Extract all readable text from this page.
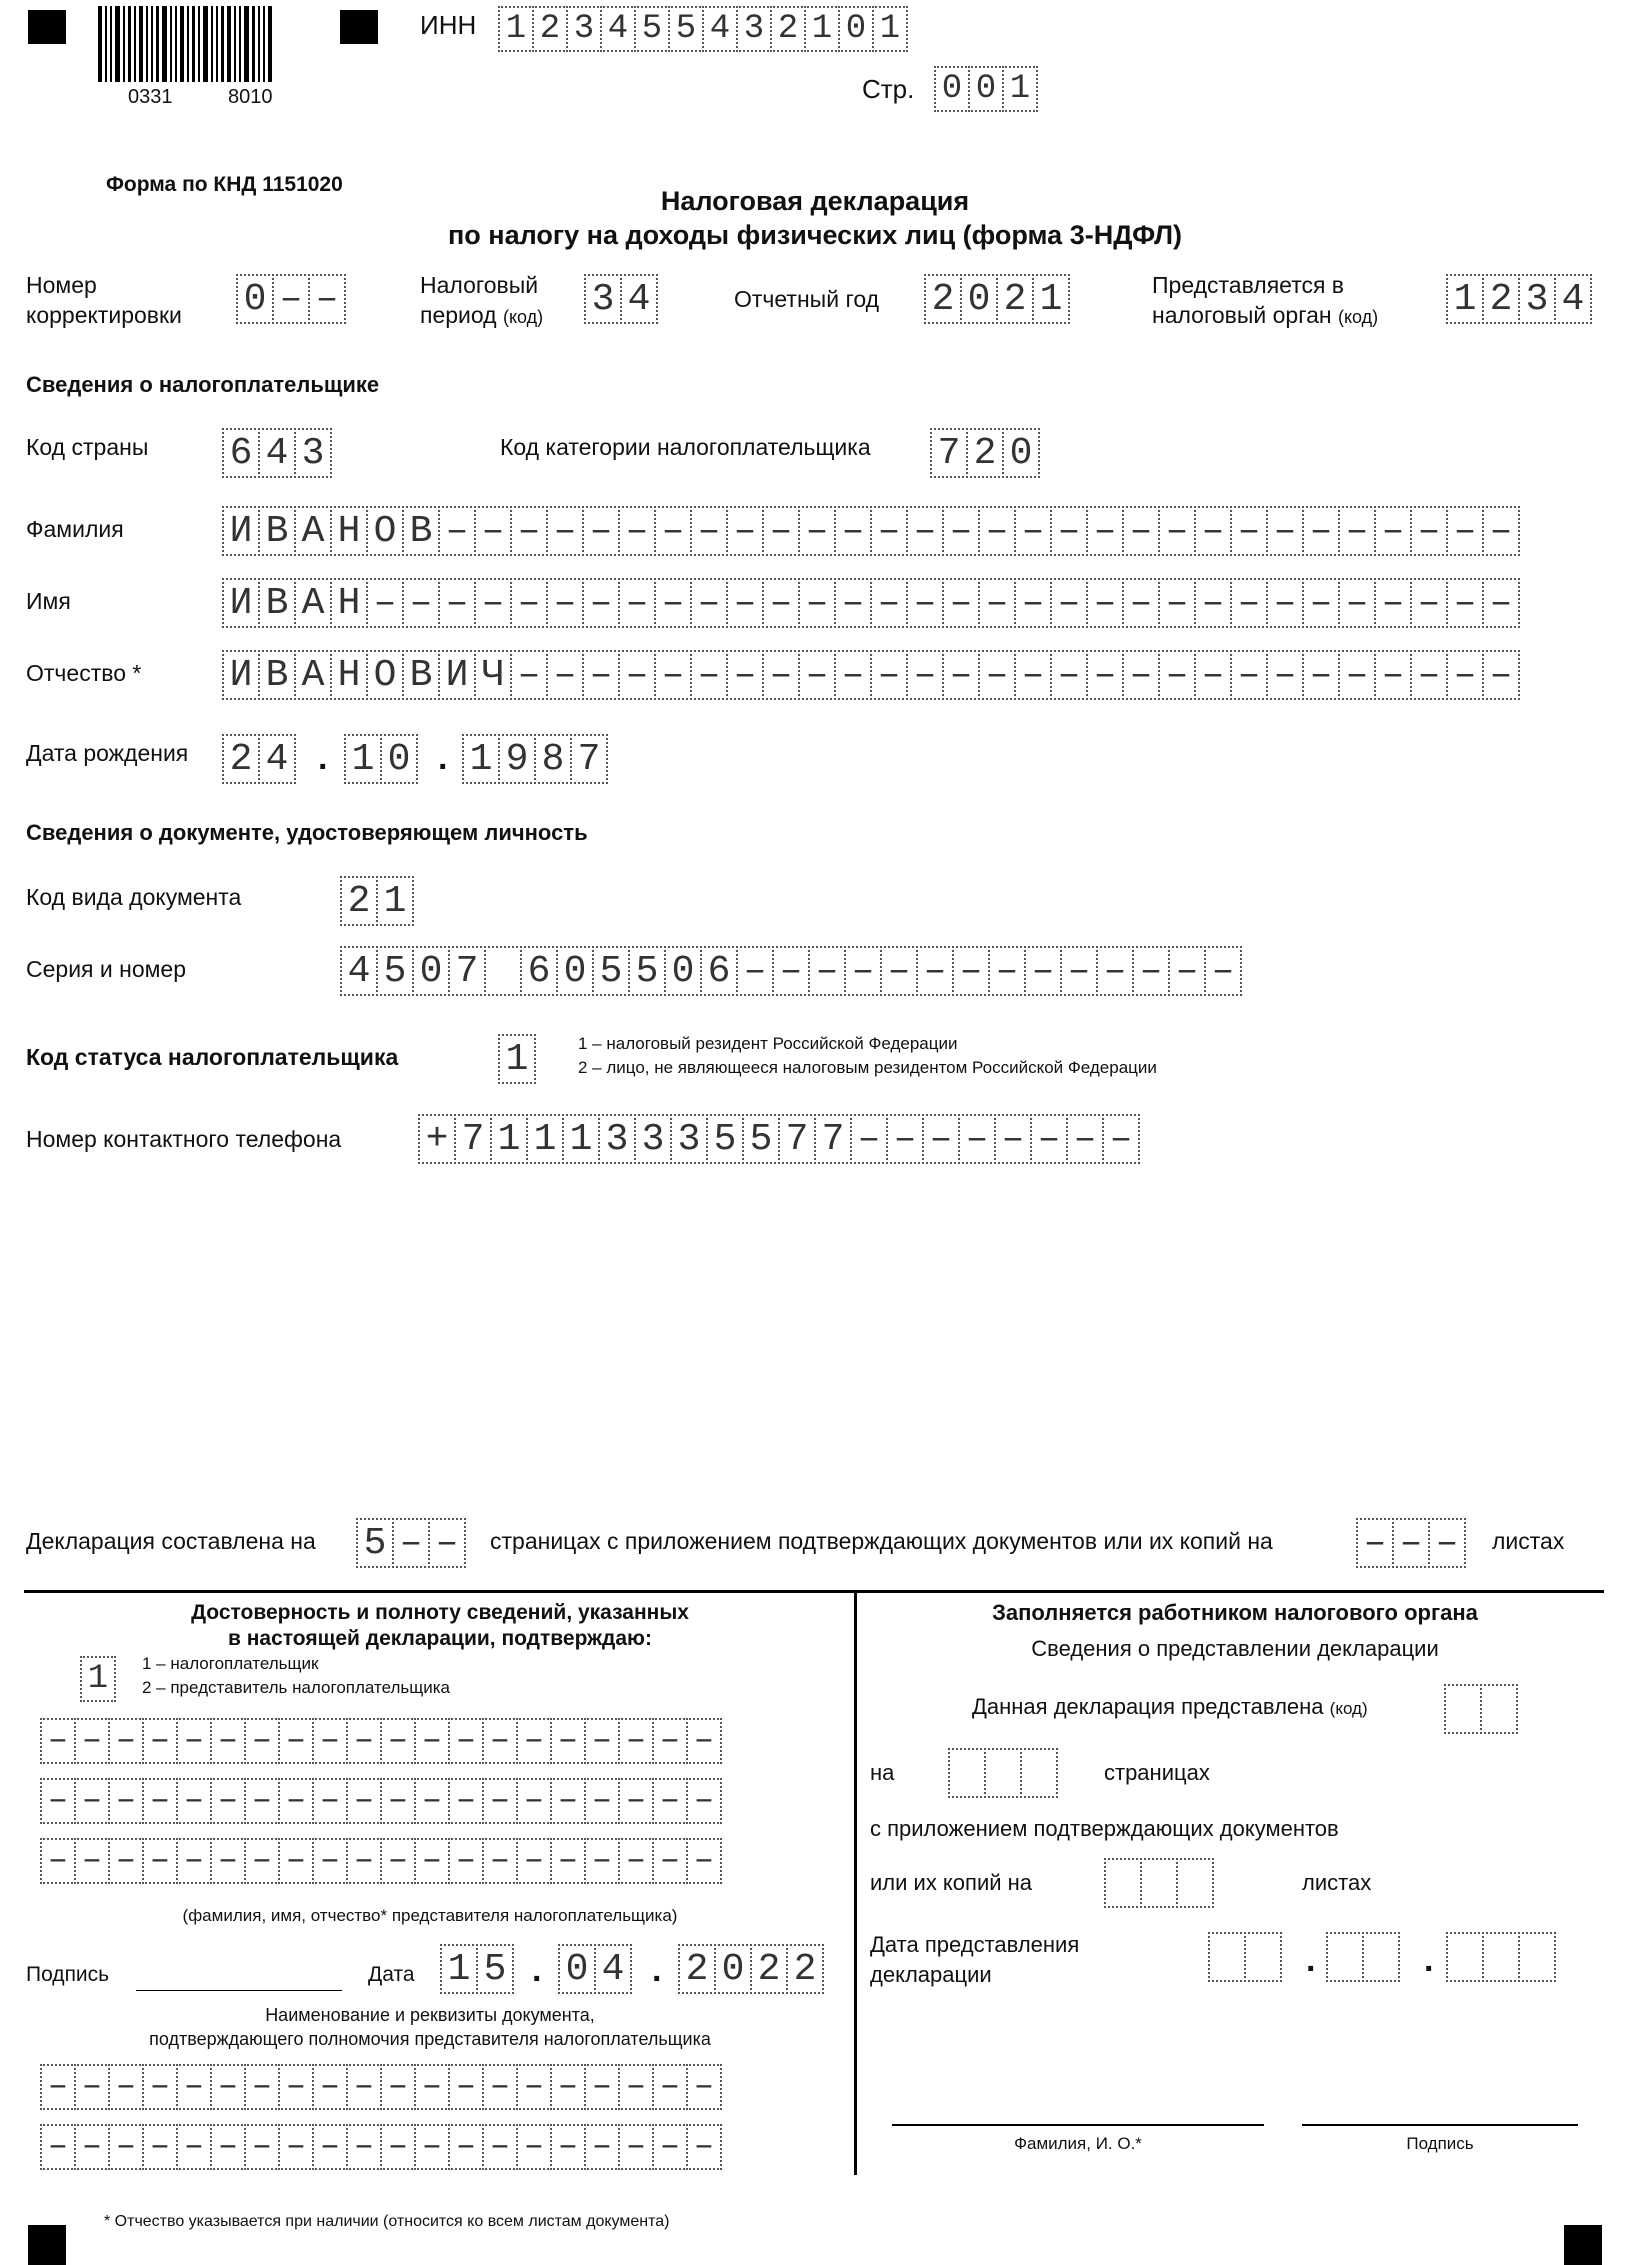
0331	8010
ИНН 1 2 3 4 5 5 4 3 2 1 0 1
Стр. 0 0 1
Форма по КНД 1151020
Налоговая декларация
по налогу на доходы физических лиц (форма 3-НДФЛ)
Номер
корректировки 0 – –	Налоговый
период (код) 3 4	Отчетный год 2 0 2 1	Представляется в
налоговый орган (код) 1 2 3 4
Сведения о налогоплательщике
Код страны 6 4 3	Код категории налогоплательщика 7 2 0
Фамилия	И В А Н О В – – – – – – – – – – – – – – – – – – – – – – – – – – – – – –
Имя	И В А Н – – – – – – – – – – – – – – – – – – – – – – – – – – – – – – – –
Отчество * И В А Н О В И Ч – – – – – – – – – – – – – – – – – – – – – – – – – – – –
Дата рождения 2 4 . 1 0 . 1 9 8 7
Сведения о документе, удостоверяющем личность
Код вида документа	2 1
Серия и номер	4 5 0 7 6 0 5 5 0 6 – – – – – – – – – – – – – –
Код статуса налогоплательщика	1	1 – налоговый резидент Российской Федерации
2 – лицо, не являющееся налоговым резидентом Российской Федерации
Номер контактного телефона + 7 1 1 1 3 3 3 5 5 7 7 – – – – – – – –
Декларация составлена на 5 – –	страницах с приложением подтверждающих документов или их копий на – – –	листах
Достоверность и полноту сведений, указанных
в настоящей декларации, подтверждаю:
1	1 – налогоплательщик
2 – представитель налогоплательщика
– – – – – – – – – – – – – – – – – – – –
– – – – – – – – – – – – – – – – – – – –
– – – – – – – – – – – – – – – – – – – –
(фамилия, имя, отчество* представителя налогоплательщика)
Подпись	Дата 1 5 . 0 4 . 2 0 2 2
Наименование и реквизиты документа,
подтверждающего полномочия представителя налогоплательщика
– – – – – – – – – – – – – – – – – – – –
– – – – – – – – – – – – – – – – – – – –
Заполняется работником налогового органа
Сведения о представлении декларации
Данная декларация представлена (код)
на	страницах
с приложением подтверждающих документов
или их копий на	листах
Дата представления
декларации	.	.
Фамилия, И. О.*	Подпись
* Отчество указывается при наличии (относится ко всем листам документа)
